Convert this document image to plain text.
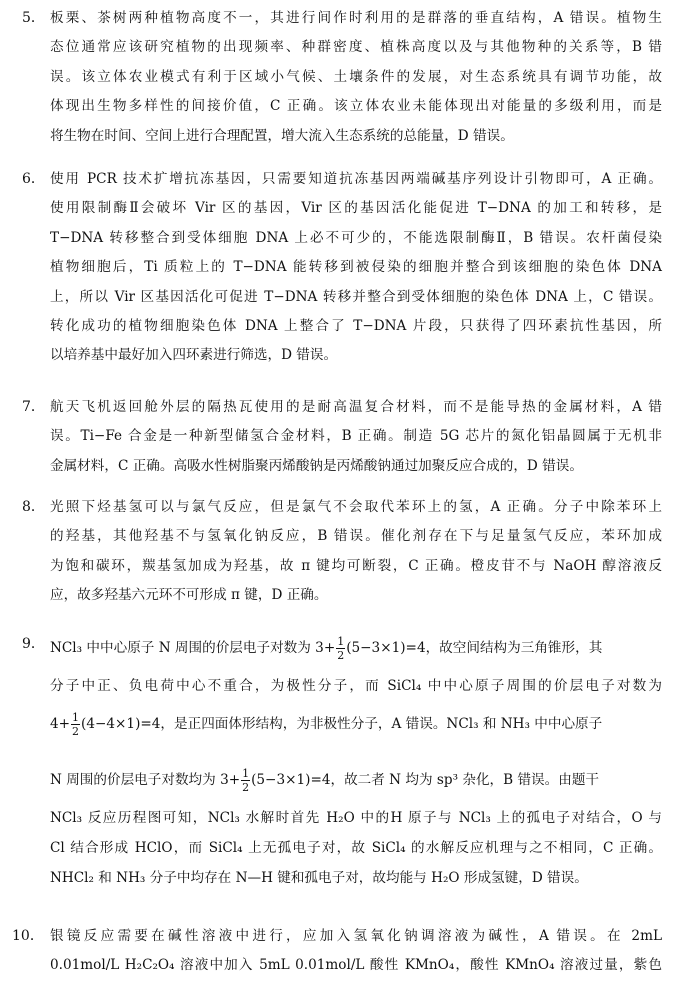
5． 板栗、茶树两种植物高度不一，其进行间作时利用的是群落的垂直结构，A 错误。植物生
态位通常应该研究植物的出现频率、种群密度、植株高度以及与其他物种的关系等，B 错
误。该立体农业模式有利于区域小气候、土壤条件的发展，对生态系统具有调节功能，故
体现出生物多样性的间接价值，C 正确。该立体农业未能体现出对能量的多级利用，而是
将生物在时间、空间上进行合理配置，增大流入生态系统的总能量，D 错误。
6． 使用 PCR 技术扩增抗冻基因，只需要知道抗冻基因两端碱基序列设计引物即可，A 正确。
使用限制酶Ⅱ会破坏 Vir 区的基因，Vir 区的基因活化能促进 T−DNA 的加工和转移，是
T−DNA 转移整合到受体细胞 DNA 上必不可少的，不能选限制酶Ⅱ，B 错误。农杆菌侵染
植物细胞后，Ti 质粒上的 T−DNA 能转移到被侵染的细胞并整合到该细胞的染色体 DNA
上，所以 Vir 区基因活化可促进 T−DNA 转移并整合到受体细胞的染色体 DNA 上，C 错误。
转化成功的植物细胞染色体 DNA 上整合了 T−DNA 片段，只获得了四环素抗性基因，所
以培养基中最好加入四环素进行筛选，D 错误。
7． 航天飞机返回舱外层的隔热瓦使用的是耐高温复合材料，而不是能导热的金属材料，A 错
误。Ti−Fe 合金是一种新型储氢合金材料，B 正确。制造 5G 芯片的氮化铝晶圆属于无机非
金属材料，C 正确。高吸水性树脂聚丙烯酸钠是丙烯酸钠通过加聚反应合成的，D 错误。
8． 光照下烃基氢可以与氯气反应，但是氯气不会取代苯环上的氢，A 正确。分子中除苯环上
的羟基，其他羟基不与氢氧化钠反应，B 错误。催化剂存在下与足量氢气反应，苯环加成
为饱和碳环，羰基氢加成为羟基，故 π 键均可断裂，C 正确。橙皮苷不与 NaOH 醇溶液反
应，故多羟基六元环不可形成 π 键，D 正确。
9． NCl₃ 中中心原子 N 周围的价层电子对数为 $3+ \frac{1}{2} (5-3\times 1)=4$，故空间结构为三角锥形，其
分子中正、负电荷中心不重合，为极性分子，而 SiCl₄ 中中心原子周围的价层电子对数为
$4+ \frac{1}{2} (4-4\times 1)=4$，是正四面体形结构，为非极性分子，A 错误。NCl₃ 和 NH₃ 中中心原子
N 周围的价层电子对数均为 $3+ \frac{1}{2} (5-3\times 1)=4$，故二者 N 均为 sp³ 杂化，B 错误。由题干
NCl₃ 反应历程图可知，NCl₃ 水解时首先 H₂O 中的H 原子与 NCl₃ 上的孤电子对结合，O 与
Cl 结合形成 HClO，而 SiCl₄ 上无孤电子对，故 SiCl₄ 的水解反应机理与之不相同，C 正确。
NHCl₂ 和 NH₃ 分子中均存在 N—H 键和孤电子对，故均能与 H₂O 形成氢键，D 错误。
10． 银镜反应需要在碱性溶液中进行，应加入氢氧化钠调溶液为碱性，A 错误。在 2mL
0.01mol/L H₂C₂O₄ 溶液中加入 5mL 0.01mol/L 酸性 KMnO₄，酸性 KMnO₄ 溶液过量，紫色
